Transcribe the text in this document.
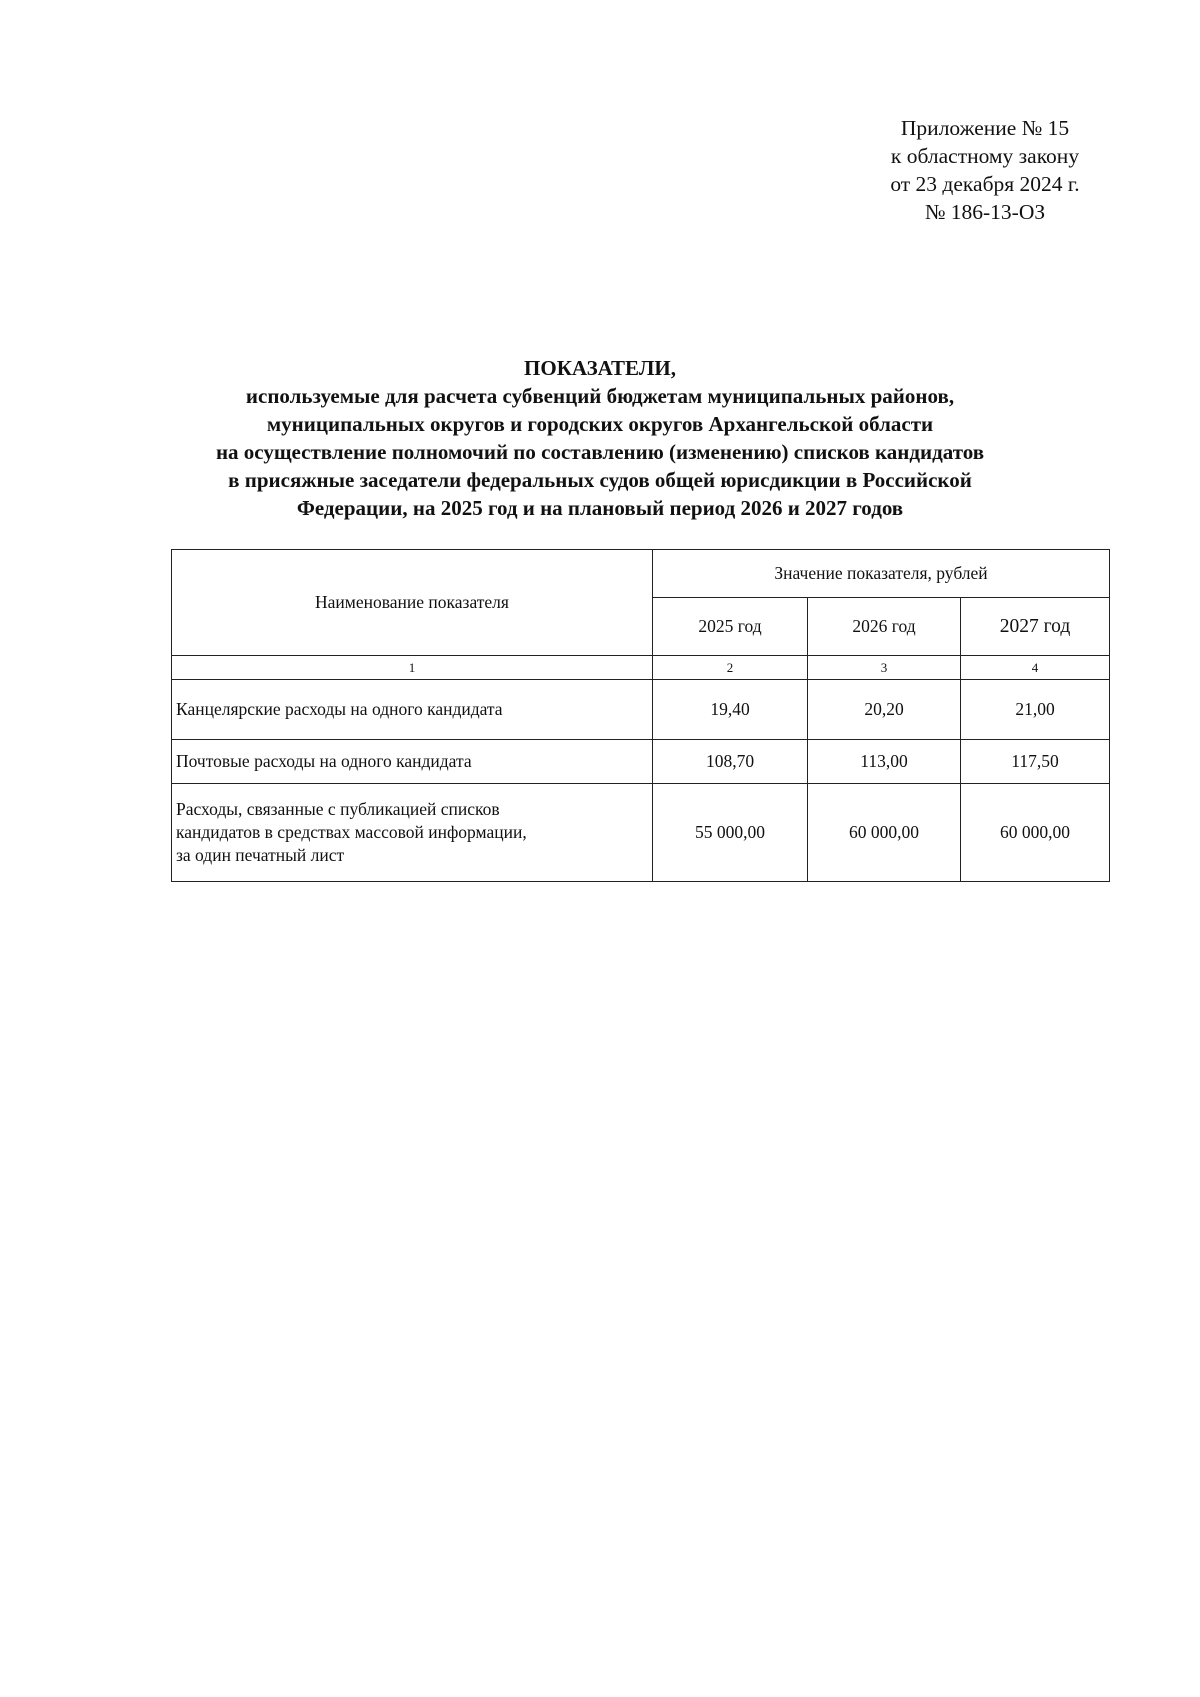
Приложение № 15
к областному закону
от 23 декабря 2024 г.
№ 186-13-ОЗ
ПОКАЗАТЕЛИ,
используемые для расчета субвенций бюджетам муниципальных районов,
муниципальных округов и городских округов Архангельской области
на осуществление полномочий по составлению (изменению) списков кандидатов
в присяжные заседатели федеральных судов общей юрисдикции в Российской
Федерации, на 2025 год и на плановый период 2026 и 2027 годов
Наименование показателя	Значение показателя, рублей		
	2025 год	2026 год	2027 год
1	2	3	4

Канцелярские расходы на одного кандидата	19,40	20,20	21,00

Почтовые расходы на одного кандидата	108,70	113,00	117,50

Расходы, связанные с публикацией списков
кандидатов в средствах массовой информации,
за один печатный лист	55 000,00	60 000,00	60 000,00
